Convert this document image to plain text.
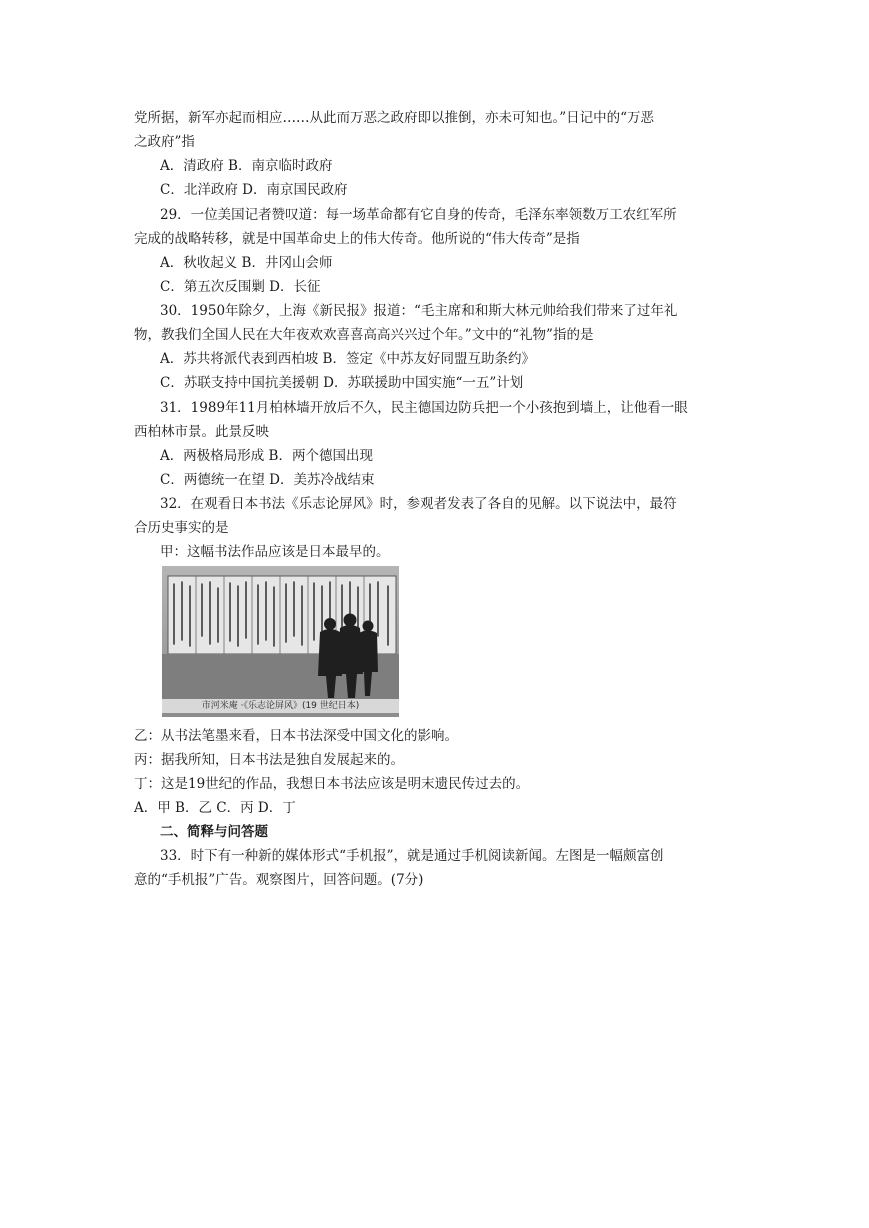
党所据，新军亦起而相应……从此而万恶之政府即以推倒，亦未可知也。”日记中的“万恶
之政府”指
A．清政府 B．南京临时政府
C．北洋政府 D．南京国民政府
29．一位美国记者赞叹道：每一场革命都有它自身的传奇，毛泽东率领数万工农红军所
完成的战略转移，就是中国革命史上的伟大传奇。他所说的“伟大传奇”是指
A．秋收起义 B．井冈山会师
C．第五次反围剿 D．长征
30．1950年除夕，上海《新民报》报道：“毛主席和和斯大林元帅给我们带来了过年礼
物，教我们全国人民在大年夜欢欢喜喜高高兴兴过个年。”文中的“礼物”指的是
A．苏共将派代表到西柏坡 B．签定《中苏友好同盟互助条约》
C．苏联支持中国抗美援朝 D．苏联援助中国实施“一五”计划
31．1989年11月柏林墙开放后不久，民主德国边防兵把一个小孩抱到墙上，让他看一眼
西柏林市景。此景反映
A．两极格局形成 B．两个德国出现
C．两德统一在望 D．美苏冷战结束
32．在观看日本书法《乐志论屏风》时，参观者发表了各自的见解。以下说法中，最符
合历史事实的是
甲：这幅书法作品应该是日本最早的。
市河米庵 ·《乐志论屏风》(19 世纪日本)
乙：从书法笔墨来看，日本书法深受中国文化的影响。
丙：据我所知，日本书法是独自发展起来的。
丁：这是19世纪的作品，我想日本书法应该是明末遗民传过去的。
A．甲 B．乙 C．丙 D．丁
二、简释与问答题
33．时下有一种新的媒体形式“手机报”，就是通过手机阅读新闻。左图是一幅颇富创
意的“手机报”广告。观察图片，回答问题。(7分)
